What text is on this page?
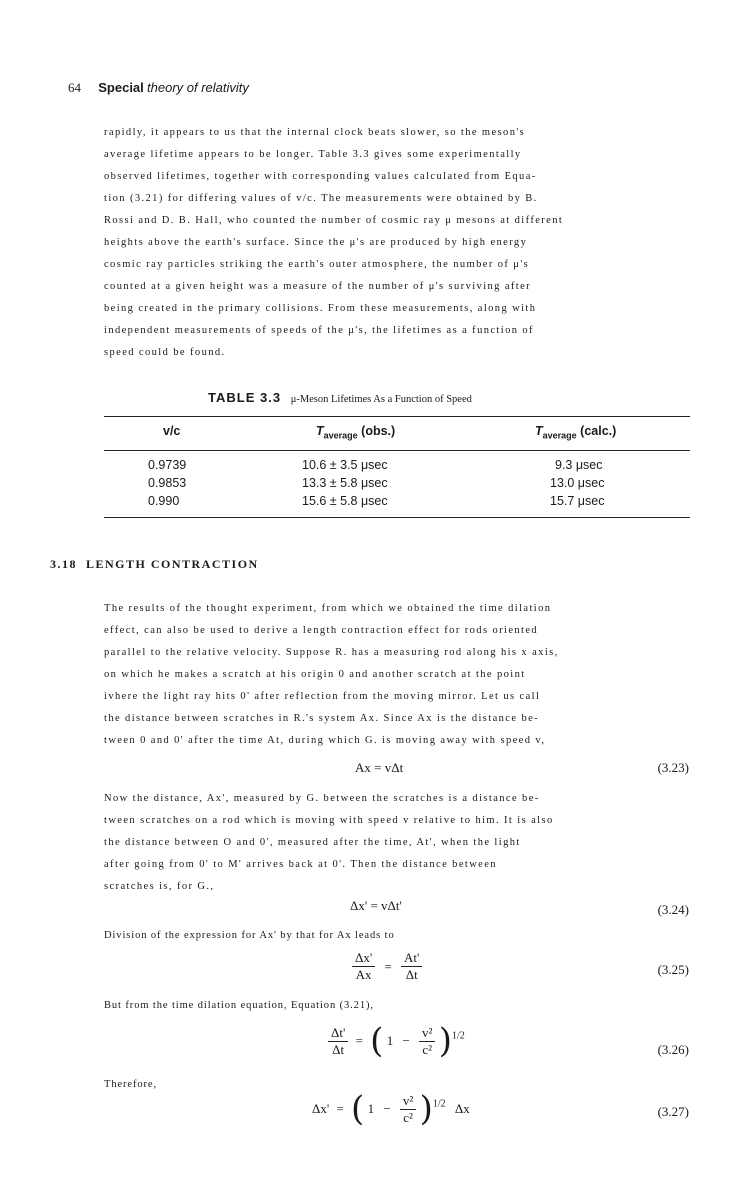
64 Special theory of relativity
rapidly, it appears to us that the internal clock beats slower, so the meson's
average lifetime appears to be longer. Table 3.3 gives some experimentally
observed lifetimes, together with corresponding values calculated from Equa-
tion (3.21) for differing values of v/c. The measurements were obtained by B.
Rossi and D. B. Hall, who counted the number of cosmic ray μ mesons at different
heights above the earth's surface. Since the μ's are produced by high energy
cosmic ray particles striking the earth's outer atmosphere, the number of μ's
counted at a given height was a measure of the number of μ's surviving after
being created in the primary collisions. From these measurements, along with
independent measurements of speeds of the μ's, the lifetimes as a function of
speed could be found.
TABLE 3.3 μ-Meson Lifetimes As a Function of Speed
v/c	$T_{average}$ (obs.)	$T_{average}$ (calc.)
0.9739	10.6 ± 3.5 μsec	9.3 μsec
0.9853	13.3 ± 5.8 μsec	13.0 μsec
0.990	15.6 ± 5.8 μsec	15.7 μsec
3.18 LENGTH CONTRACTION
The results of the thought experiment, from which we obtained the time dilation
effect, can also be used to derive a length contraction effect for rods oriented
parallel to the relative velocity. Suppose R. has a measuring rod along his x axis,
on which he makes a scratch at his origin 0 and another scratch at the point
ivhere the light ray hits 0' after reflection from the moving mirror. Let us call
the distance between scratches in R.'s system Ax. Since Ax is the distance be-
tween 0 and 0' after the time At, during which G. is moving away with speed v,
Ax = vΔt	(3.23)
Now the distance, Ax', measured by G. between the scratches is a distance be-
tween scratches on a rod which is moving with speed v relative to him. It is also
the distance between O and 0', measured after the time, At', when the light
after going from 0' to M' arrives back at 0'. Then the distance between
scratches is, for G.,
Δx' = vΔt'	(3.24)
Division of the expression for Ax' by that for Ax leads to
$\frac{\Delta x'}{Ax} = \frac{At'}{\Delta t}$	(3.25)
But from the time dilation equation, Equation (3.21),
$\frac{\Delta t'}{\Delta t}$ = ( $1 - \frac{\text{v²}}{\text{c²}} )^{1/2}$
(3.26)
Therefore,
Δx' = ( $1 - \frac{\text{v²}}{\text{c²}} )^{1/2}$ Δx	(3.27)
